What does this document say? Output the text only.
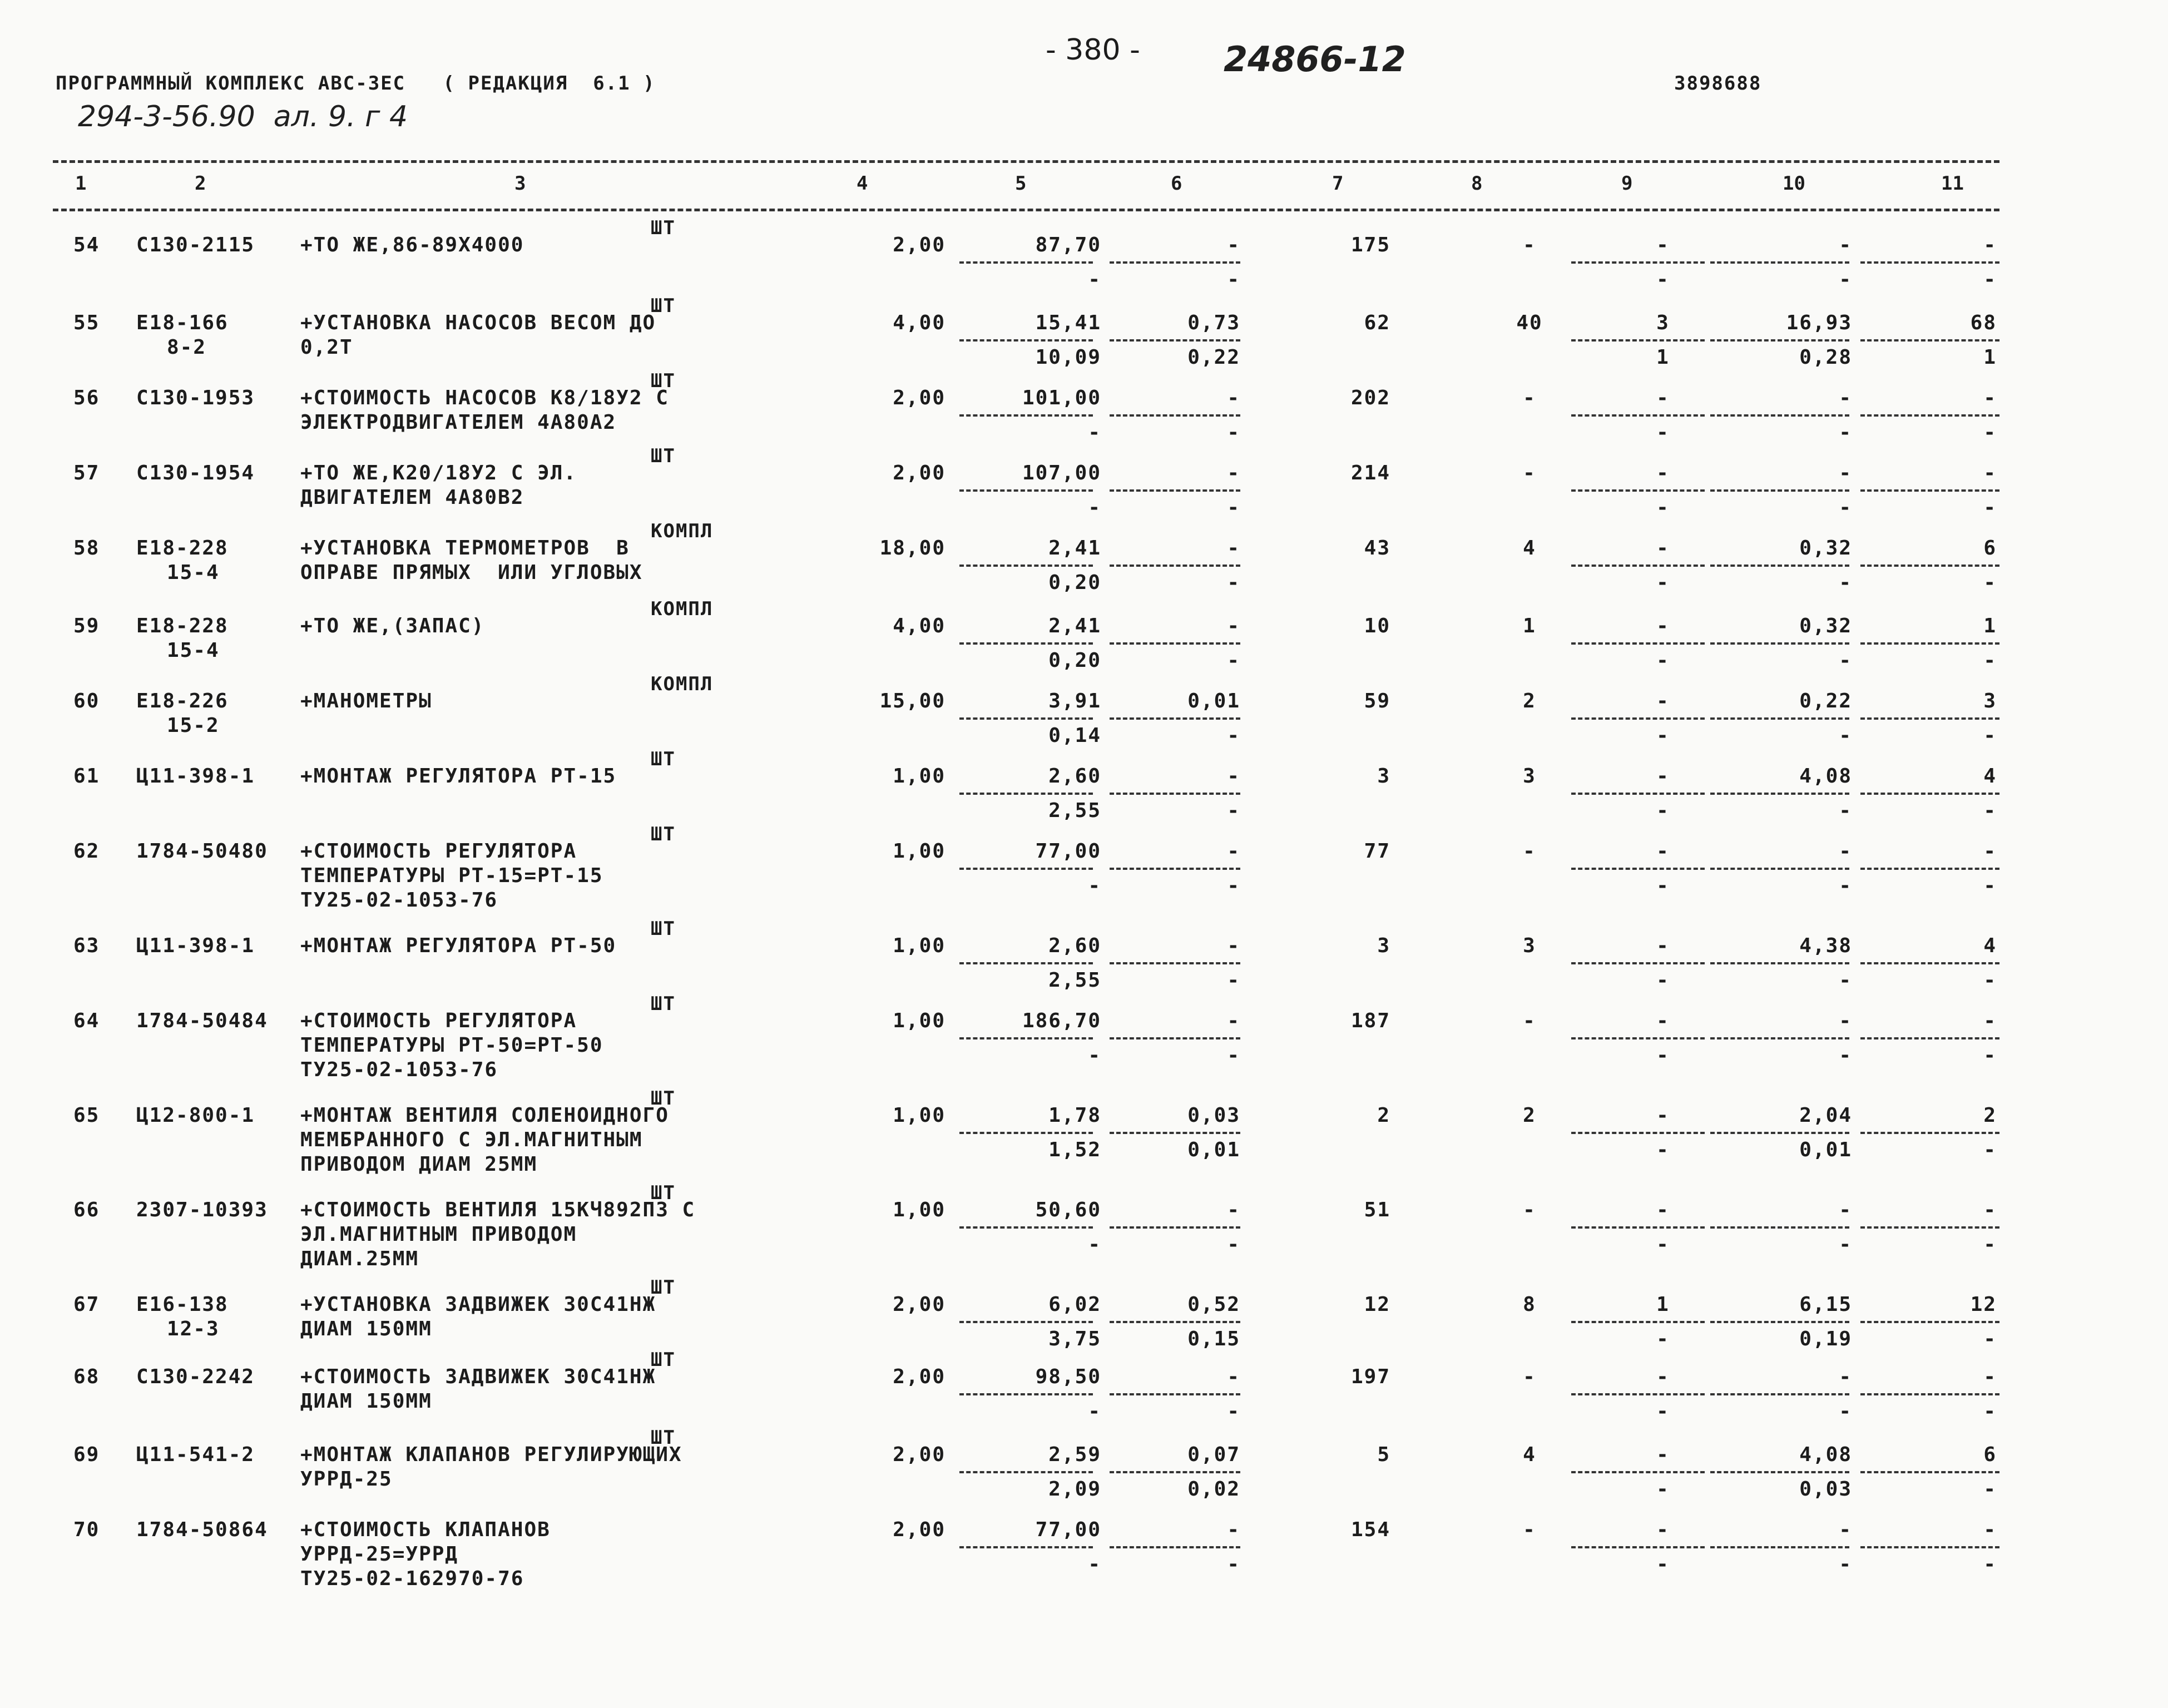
ПРОГРАММНЫЙ КОМПЛЕКС АВС-3ЕС   ( РЕДАКЦИЯ  6.1 )
294-3-56.90  ал. 9. г 4
- 380 - 24866-12
3898688
1	2	3	4	5	6	7	8	9	10	11
ШТ
54 С130-2115 +ТО ЖЕ,86-89Х4000	2,00	87,70	-	175	-	-	-	-
-	-	-	-	-
ШТ
55 Е18-166
8-2
+УСТАНОВКА НАСОСОВ ВЕСОМ ДО
0,2Т
4,00	15,41	0,73	62	40	3	16,93	68
10,09	0,22	1	0,28	1
ШТ
56 С130-1953 +СТОИМОСТЬ НАСОСОВ К8/18У2 С
ЭЛЕКТРОДВИГАТЕЛЕМ 4А80А2
2,00	101,00	-	202	-	-	-	-
-	-	-	-	-
ШТ
57 С130-1954 +ТО ЖЕ,К20/18У2 С ЭЛ.
ДВИГАТЕЛЕМ 4А80В2
2,00	107,00	-	214	-	-	-	-
-	-	-	-	-
КОМПЛ
58 Е18-228
15-4
+УСТАНОВКА ТЕРМОМЕТРОВ  В
ОПРАВЕ ПРЯМЫХ  ИЛИ УГЛОВЫХ
18,00	2,41	-	43	4	-	0,32	6
0,20	-	-	-	-
КОМПЛ
59 Е18-228
15-4
+ТО ЖЕ,(ЗАПАС)	4,00	2,41	-	10	1	-	0,32	1
0,20	-	-	-	-
КОМПЛ
60 Е18-226
15-2
+МАНОМЕТРЫ	15,00	3,91	0,01	59	2	-	0,22	3
0,14	-	-	-	-
ШТ
61 Ц11-398-1 +МОНТАЖ РЕГУЛЯТОРА РТ-15	1,00	2,60	-	3	3	-	4,08	4
2,55	-	-	-	-
ШТ
62 1784-50480 +СТОИМОСТЬ РЕГУЛЯТОРА
ТЕМПЕРАТУРЫ РТ-15=РТ-15
ТУ25-02-1053-76
1,00	77,00	-	77	-	-	-	-
-	-	-	-	-
ШТ
63 Ц11-398-1 +МОНТАЖ РЕГУЛЯТОРА РТ-50	1,00	2,60	-	3	3	-	4,38	4
2,55	-	-	-	-
ШТ
64 1784-50484 +СТОИМОСТЬ РЕГУЛЯТОРА
ТЕМПЕРАТУРЫ РТ-50=РТ-50
ТУ25-02-1053-76
1,00	186,70	-	187	-	-	-	-
-	-	-	-	-
ШТ
65 Ц12-800-1 +МОНТАЖ ВЕНТИЛЯ СОЛЕНОИДНОГО
МЕМБРАННОГО С ЭЛ.МАГНИТНЫМ
ПРИВОДОМ ДИАМ 25ММ
1,00	1,78	0,03	2	2	-	2,04	2
1,52	0,01	-	0,01	-
ШТ
66 2307-10393 +СТОИМОСТЬ ВЕНТИЛЯ 15КЧ892П3 С
ЭЛ.МАГНИТНЫМ ПРИВОДОМ
ДИАМ.25ММ
1,00	50,60	-	51	-	-	-	-
-	-	-	-	-
ШТ
67 Е16-138
12-3
+УСТАНОВКА ЗАДВИЖЕК 30С41НЖ
ДИАМ 150ММ
2,00	6,02	0,52	12	8	1	6,15	12
3,75	0,15	-	0,19	-
ШТ
68 С130-2242 +СТОИМОСТЬ ЗАДВИЖЕК 30С41НЖ
ДИАМ 150ММ
2,00	98,50	-	197	-	-	-	-
-	-	-	-	-
ШТ
69 Ц11-541-2 +МОНТАЖ КЛАПАНОВ РЕГУЛИРУЮЩИХ
УРРД-25
2,00	2,59	0,07	5	4	-	4,08	6
2,09	0,02	-	0,03	-
70 1784-50864 +СТОИМОСТЬ КЛАПАНОВ
УРРД-25=УРРД
ТУ25-02-162970-76
2,00	77,00	-	154	-	-	-	-
-	-	-	-	-
